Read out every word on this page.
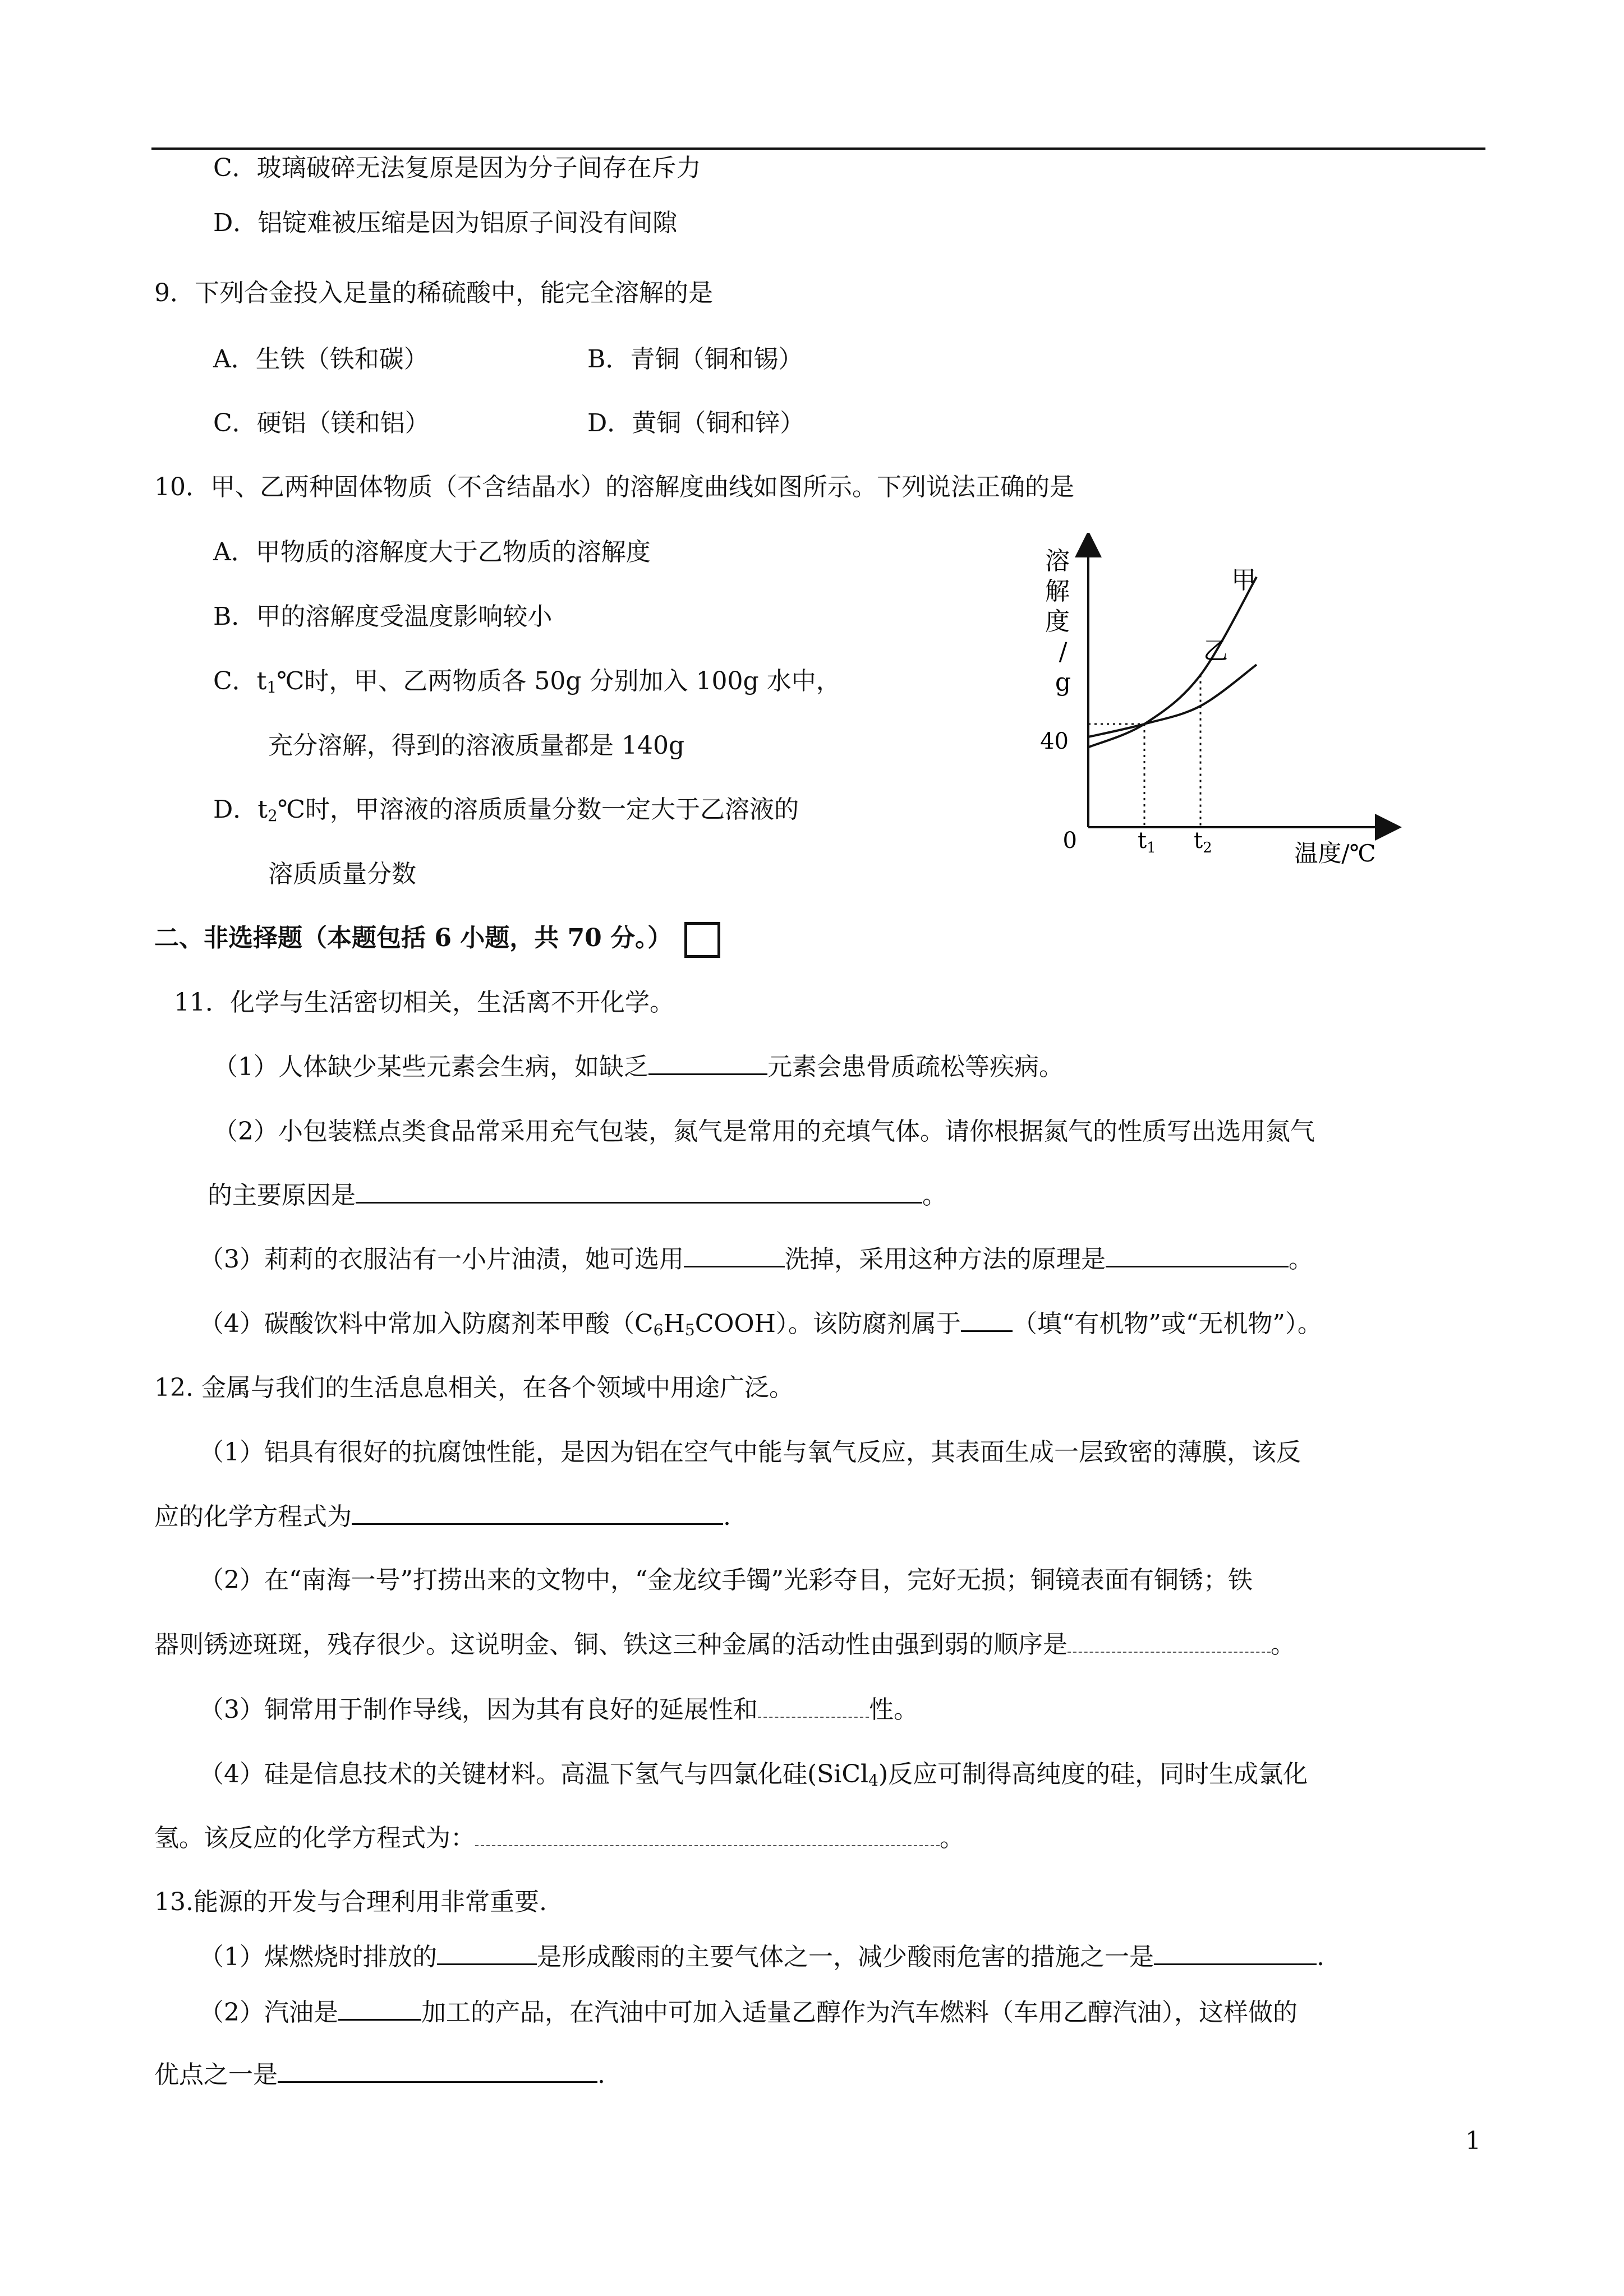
C．玻璃破碎无法复原是因为分子间存在斥力
D．铝锭难被压缩是因为铝原子间没有间隙
9．下列合金投入足量的稀硫酸中，能完全溶解的是
A．生铁（铁和碳）	B．青铜（铜和锡）
C．硬铝（镁和铝）	D．黄铜（铜和锌）
10．甲、乙两种固体物质（不含结晶水）的溶解度曲线如图所示。下列说法正确的是
A．甲物质的溶解度大于乙物质的溶解度
B．甲的溶解度受温度影响较小
C．$t_1℃$时，甲、乙两物质各 50g 分别加入 100g 水中，
充分溶解，得到的溶液质量都是 140g
D．$t_2℃$时，甲溶液的溶质质量分数一定大于乙溶液的
溶质质量分数
溶解度/ g
40
0	温度/℃
甲
乙
$t_1$ $t_2$
二、非选择题（本题包括 6 小题，共 70 分。）
11．化学与生活密切相关，生活离不开化学。
（1）人体缺少某些元素会生病，如缺乏	元素会患骨质疏松等疾病。
（2）小包装糕点类食品常采用充气包装，氮气是常用的充填气体。请你根据氮气的性质写出选用氮气
的主要原因是	。
（3）莉莉的衣服沾有一小片油渍，她可选用	洗掉，采用这种方法的原理是	。
（4）碳酸饮料中常加入防腐剂苯甲酸$(C_6H_5COOH)$。该防腐剂属于 （填“有机物”或“无机物”）。
12. 金属与我们的生活息息相关，在各个领域中用途广泛。
（1）铝具有很好的抗腐蚀性能，是因为铝在空气中能与氧气反应，其表面生成一层致密的薄膜，该反
应的化学方程式为	.
（2）在“南海一号”打捞出来的文物中，“金龙纹手镯”光彩夺目，完好无损；铜镜表面有铜锈；铁
器则锈迹斑斑，残存很少。这说明金、铜、铁这三种金属的活动性由强到弱的顺序是	。
（3）铜常用于制作导线，因为其有良好的延展性和	性。
（4）硅是信息技术的关键材料。高温下氢气与四氯化硅(SiCl$_4$)反应可制得高纯度的硅，同时生成氯化
氢。该反应的化学方程式为：	。
13.能源的开发与合理利用非常重要.
（1）煤燃烧时排放的	是形成酸雨的主要气体之一，减少酸雨危害的措施之一是	.
（2）汽油是	加工的产品，在汽油中可加入适量乙醇作为汽车燃料（车用乙醇汽油），这样做的
优点之一是	.
1
